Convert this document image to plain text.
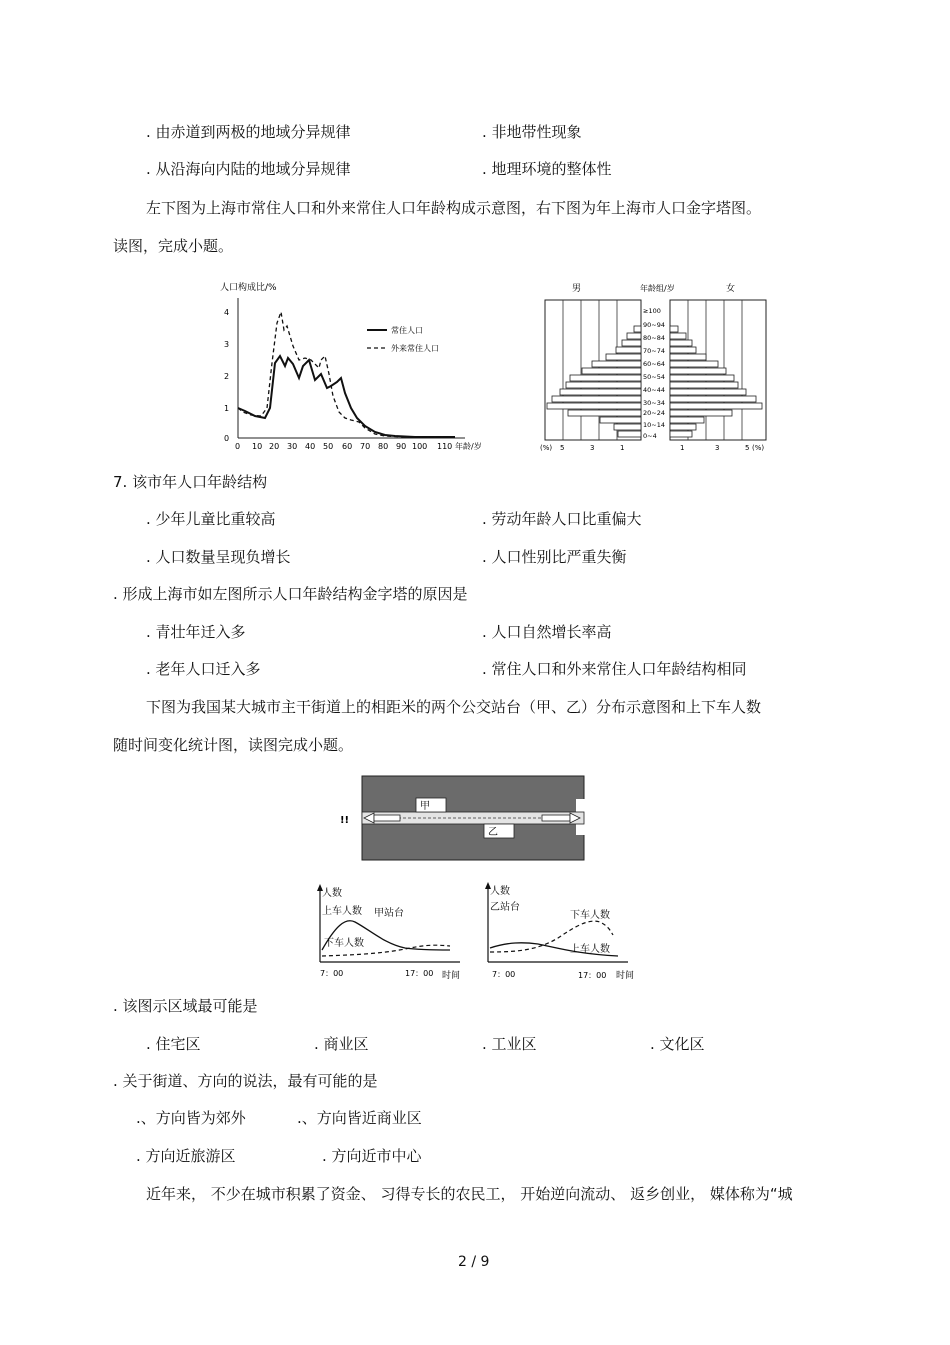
. 由赤道到两极的地域分异规律	. 非地带性现象
. 从沿海向内陆的地域分异规律	. 地理环境的整体性
左下图为上海市常住人口和外来常住人口年龄构成示意图，右下图为年上海市人口金字塔图。
读图，完成小题。
人口构成比/%
0
1
2
3
4
0 10 20 30 40 50 60 70 80 90 100 110 年龄/岁
常住人口
外来常住人口
男	年龄组/岁	女
≥100
90~94
80~84
70~74
60~64
50~54
40~44
30~34
20~24
10~14
0~4
(%) 5	3	1	1	3	5 (%)
7. 该市年人口年龄结构
. 少年儿童比重较高	. 劳动年龄人口比重偏大
. 人口数量呈现负增长	. 人口性别比严重失衡
. 形成上海市如左图所示人口年龄结构金字塔的原因是
. 青壮年迁入多	. 人口自然增长率高
. 老年人口迁入多	. 常住人口和外来常住人口年龄结构相同
下图为我国某大城市主干街道上的相距米的两个公交站台（甲、乙）分布示意图和上下车人数
随时间变化统计图，读图完成小题。
!!
甲
乙
人数
上车人数 甲站台
下车人数
7：00	17：00 时间
人数
乙站台
下车人数
上车人数
7：00	17：00 时间
. 该图示区域最可能是
. 住宅区	. 商业区	. 工业区	. 文化区
. 关于街道、方向的说法，最有可能的是
.、方向皆为郊外	.、方向皆近商业区
. 方向近旅游区	. 方向近市中心
近年来， 不少在城市积累了资金、 习得专长的农民工， 开始逆向流动、 返乡创业， 媒体称为“城
2 / 9
